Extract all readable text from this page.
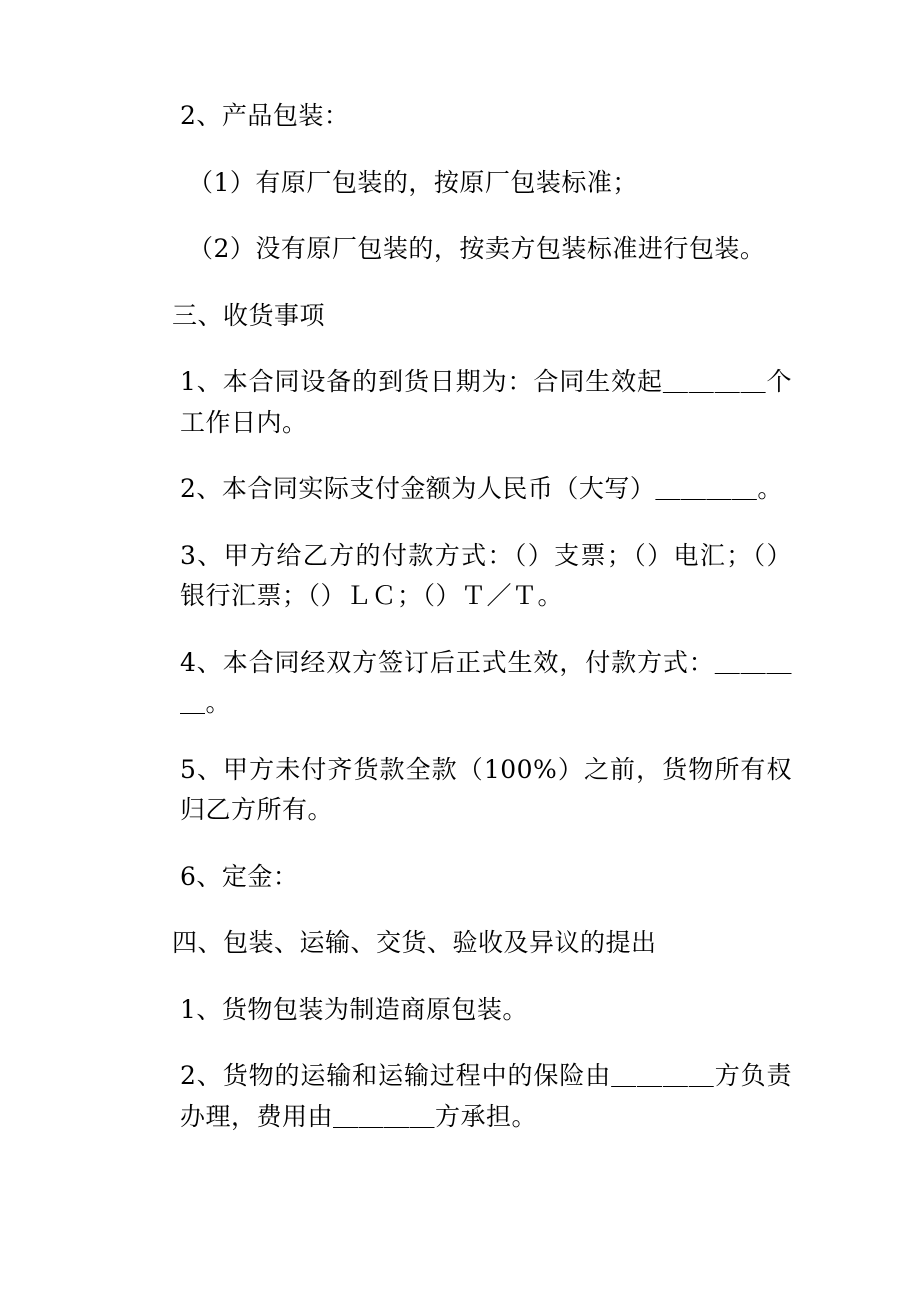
2、产品包装：

（1）有原厂包装的，按原厂包装标准；

（2）没有原厂包装的，按卖方包装标准进行包装。

三、收货事项

1、本合同设备的到货日期为：合同生效起＿＿＿＿个工作日内。

2、本合同实际支付金额为人民币（大写）＿＿＿＿。

3、甲方给乙方的付款方式：（）支票；（）电汇；（）银行汇票；（）ＬＣ；（）Ｔ／Ｔ。

4、本合同经双方签订后正式生效，付款方式：＿＿＿＿。

5、甲方未付齐货款全款（100%）之前，货物所有权归乙方所有。

6、定金：

四、包装、运输、交货、验收及异议的提出

1、货物包装为制造商原包装。

2、货物的运输和运输过程中的保险由＿＿＿＿方负责办理，费用由＿＿＿＿方承担。
